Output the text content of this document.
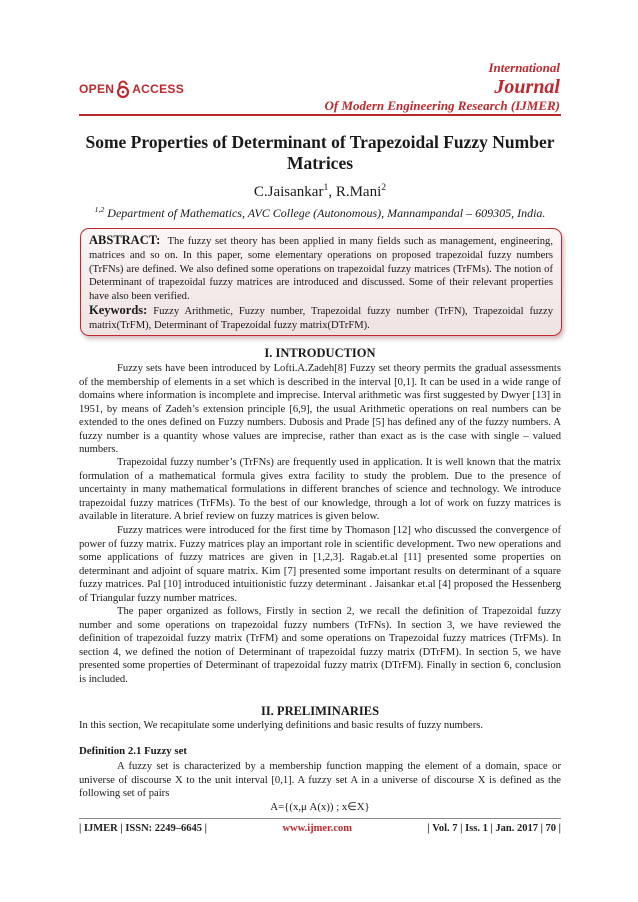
International
Journal
Of Modern Engineering Research (IJMER)
OPEN ACCESS
Some Properties of Determinant of Trapezoidal Fuzzy Number Matrices
C.Jaisankar$^1$, R.Mani$^2$
$^{1,2}$ Department of Mathematics, AVC College (Autonomous), Mannampandal – 609305, India.
ABSTRACT: The fuzzy set theory has been applied in many fields such as management, engineering, matrices and so on. In this paper, some elementary operations on proposed trapezoidal fuzzy numbers (TrFNs) are defined. We also defined some operations on trapezoidal fuzzy matrices (TrFMs). The notion of Determinant of trapezoidal fuzzy matrices are introduced and discussed. Some of their relevant properties have also been verified.
Keywords: Fuzzy Arithmetic, Fuzzy number, Trapezoidal fuzzy number (TrFN), Trapezoidal fuzzy matrix(TrFM), Determinant of Trapezoidal fuzzy matrix(DTrFM).
I. INTRODUCTION
Fuzzy sets have been introduced by Lofti.A.Zadeh[8] Fuzzy set theory permits the gradual assessments of the membership of elements in a set which is described in the interval [0,1]. It can be used in a wide range of domains where information is incomplete and imprecise. Interval arithmetic was first suggested by Dwyer [13] in 1951, by means of Zadeh’s extension principle [6,9], the usual Arithmetic operations on real numbers can be extended to the ones defined on Fuzzy numbers. Dubosis and Prade [5] has defined any of the fuzzy numbers. A fuzzy number is a quantity whose values are imprecise, rather than exact as is the case with single – valued numbers.
Trapezoidal fuzzy number’s (TrFNs) are frequently used in application. It is well known that the matrix formulation of a mathematical formula gives extra facility to study the problem. Due to the presence of uncertainty in many mathematical formulations in different branches of science and technology. We introduce trapezoidal fuzzy matrices (TrFMs). To the best of our knowledge, through a lot of work on fuzzy matrices is available in literature. A brief review on fuzzy matrices is given below.
Fuzzy matrices were introduced for the first time by Thomason [12] who discussed the convergence of power of fuzzy matrix. Fuzzy matrices play an important role in scientific development. Two new operations and some applications of fuzzy matrices are given in [1,2,3]. Ragab.et.al [11] presented some properties on determinant and adjoint of square matrix. Kim [7] presented some important results on determinant of a square fuzzy matrices. Pal [10] introduced intuitionistic fuzzy determinant . Jaisankar et.al [4] proposed the Hessenberg of Triangular fuzzy number matrices.
The paper organized as follows, Firstly in section 2, we recall the definition of Trapezoidal fuzzy number and some operations on trapezoidal fuzzy numbers (TrFNs). In section 3, we have reviewed the definition of trapezoidal fuzzy matrix (TrFM) and some operations on Trapezoidal fuzzy matrices (TrFMs). In section 4, we defined the notion of Determinant of trapezoidal fuzzy matrix (DTrFM). In section 5, we have presented some properties of Determinant of trapezoidal fuzzy matrix (DTrFM). Finally in section 6, conclusion is included.
II. PRELIMINARIES
In this section, We recapitulate some underlying definitions and basic results of fuzzy numbers.
Definition 2.1 Fuzzy set
A fuzzy set is characterized by a membership function mapping the element of a domain, space or universe of discourse X to the unit interval [0,1]. A fuzzy set A in a universe of discourse X is defined as the following set of pairs
A={(x,μ A(x)) ; x∈X}
| IJMER | ISSN: 2249–6645 |	www.ijmer.com	| Vol. 7 | Iss. 1 | Jan. 2017 | 70 |
